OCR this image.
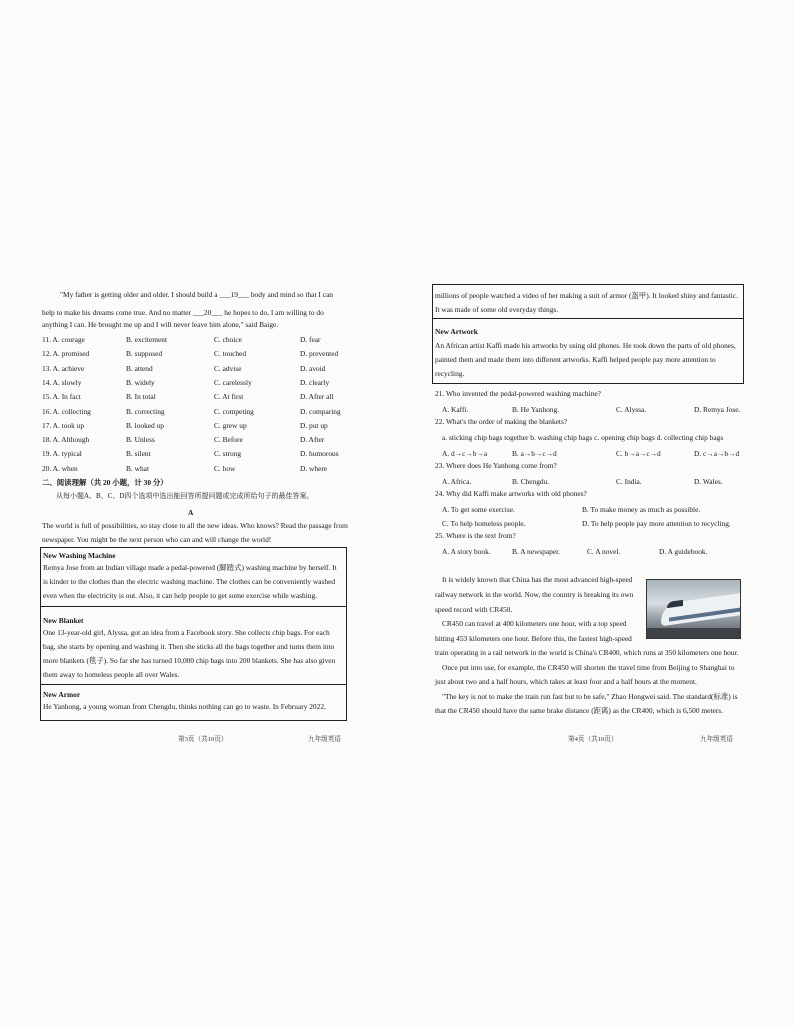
"My father is getting older and older. I should build a ___19___ body and mind so that I can
help to make his dreams come true. And no matter ___20___ he hopes to do, I am willing to do
anything I can. He brought me up and I will never leave him alone," said Baige.
11. A. courage	B. excitement	C. choice	D. fear
12. A. promised	B. supposed	C. touched	D. prevented
13. A. achieve	B. attend	C. advise	D. avoid
14. A. slowly	B. widely	C. carelessly	D. clearly
15. A. In fact	B. In total	C. At first	D. After all
16. A. collecting	B. correcting	C. competing	D. comparing
17. A. took up	B. looked up	C. grew up	D. put up
18. A. Although	B. Unless	C. Before	D. After
19. A. typical	B. silent	C. strong	D. humorous
20. A. when	B. what	C. how	D. where
二、阅读理解（共 20 小题，计 30 分）
从每小题A、B、C、D四个选项中选出能回答所提问题或完成所给句子的最佳答案。
A
The world is full of possibilities, so stay close to all the new ideas. Who knows? Read the passage from newspaper. You might be the next person who can and will change the world!
New Washing Machine
Remya Jose from an Indian village made a pedal-powered (脚踏式) washing machine by herself. It is kinder to the clothes than the electric washing machine. The clothes can be conveniently washed even when the electricity is out. Also, it can help people to get some exercise while washing.
New Blanket
One 13-year-old girl, Alyssa, got an idea from a Facebook story. She collects chip bags. For each bag, she starts by opening and washing it. Then she sticks all the bags together and turns them into more blankets (毯子). So far she has turned 10,000 chip bags into 200 blankets. She has also given them away to homeless people all over Wales.
New Armor
He Yanhong, a young woman from Chengdu, thinks nothing can go to waste. In February 2022,
第3页（共10页）	九年级英语
millions of people watched a video of her making a suit of armor (盔甲). It looked shiny and fantastic. It was made of some old everyday things.
New Artwork
An African artist Kaffi made his artworks by using old phones. He took down the parts of old phones, painted them and made them into different artworks. Kaffi helped people pay more attention to recycling.
21. Who invented the pedal-powered washing machine?
A. Kaffi.	B. He Yanhong.	C. Alyssa.	D. Remya Jose.
22. What's the order of making the blankets?
a. sticking chip bags together b. washing chip bags c. opening chip bags d. collecting chip bags
A. d→c→b→a	B. a→b→c→d	C. b→a→c→d	D. c→a→b→d
23. Where does He Yanhong come from?
A. Africa.	B. Chengdu.	C. India.	D. Wales.
24. Why did Kaffi make artworks with old phones?
A. To get some exercise.	B. To make money as much as possible.
C. To help homeless people.	D. To help people pay more attention to recycling.
25. Where is the text from?
A. A story book.	B. A newspaper.	C. A novel.	D. A guidebook.
It is widely known that China has the most advanced high-speed
railway network in the world. Now, the country is breaking its own
speed record with CR450.
CR450 can travel at 400 kilometers one hour, with a top speed
hitting 453 kilometers one hour. Before this, the fastest high-speed
train operating in a rail network in the world is China's CR400, which runs at 350 kilometers one hour.
Once put into use, for example, the CR450 will shorten the travel time from Beijing to Shanghai to
just about two and a half hours, which takes at least four and a half hours at the moment.
"The key is not to make the train run fast but to be safe," Zhao Hongwei said. The standard(标准) is
that the CR450 should have the same brake distance (距离) as the CR400, which is 6,500 meters.
第4页（共10页）	九年级英语
